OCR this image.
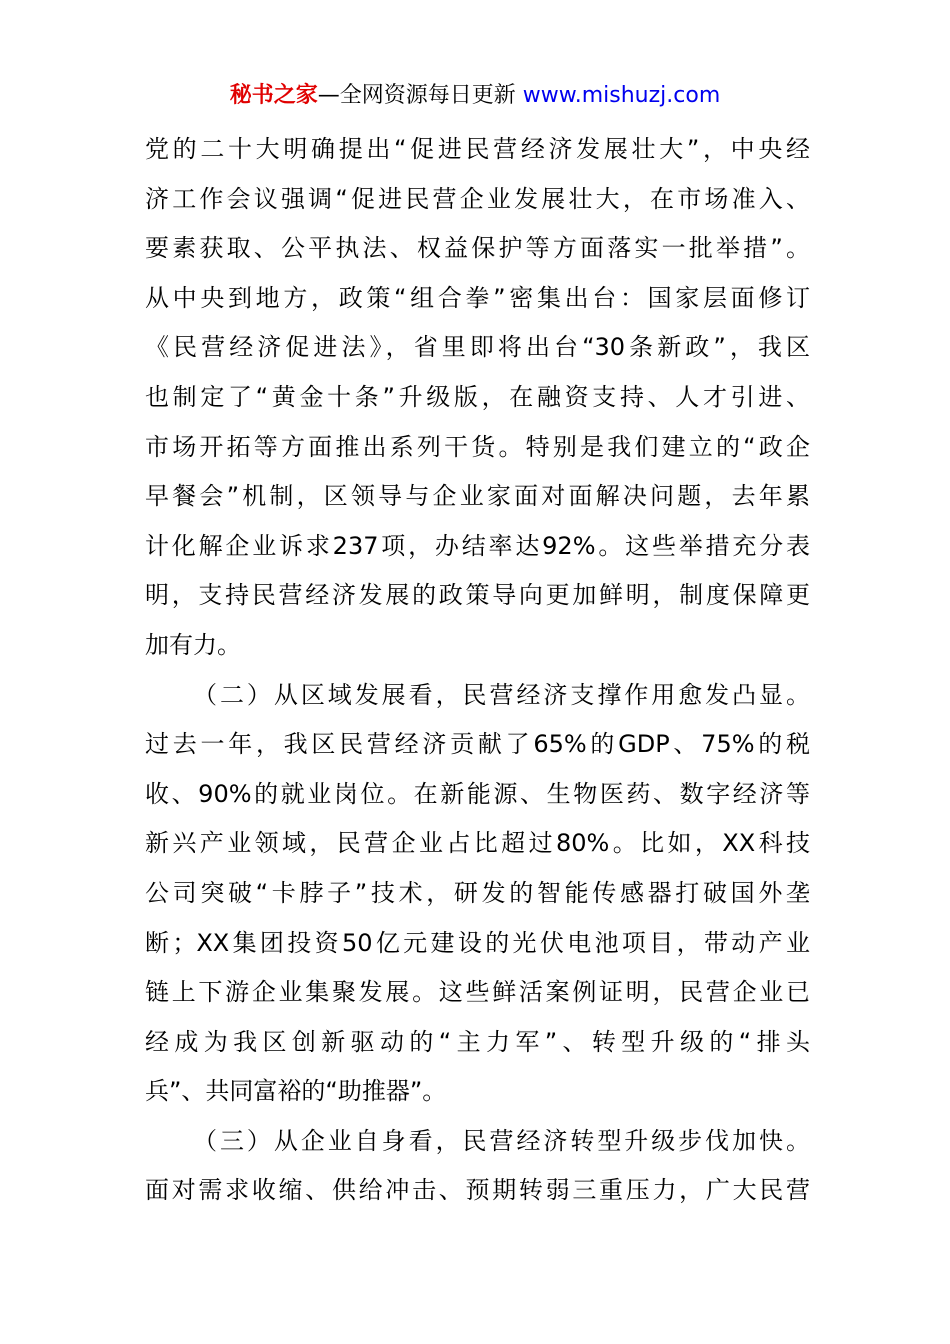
秘书之家—全网资源每日更新 www.mishuzj.com
党的二十大明确提出“促进民营经济发展壮大”，中央经
济工作会议强调“促进民营企业发展壮大，在市场准入、
要素获取、公平执法、权益保护等方面落实一批举措”。
从中央到地方，政策“组合拳”密集出台：国家层面修订
《民营经济促进法》，省里即将出台“30条新政”，我区
也制定了“黄金十条”升级版，在融资支持、人才引进、
市场开拓等方面推出系列干货。特别是我们建立的“政企
早餐会”机制，区领导与企业家面对面解决问题，去年累
计化解企业诉求237项，办结率达92%。这些举措充分表
明，支持民营经济发展的政策导向更加鲜明，制度保障更
加有力。
（二）从区域发展看，民营经济支撑作用愈发凸显。
过去一年，我区民营经济贡献了65%的GDP、75%的税
收、90%的就业岗位。在新能源、生物医药、数字经济等
新兴产业领域，民营企业占比超过80%。比如，XX科技
公司突破“卡脖子”技术，研发的智能传感器打破国外垄
断；XX集团投资50亿元建设的光伏电池项目，带动产业
链上下游企业集聚发展。这些鲜活案例证明，民营企业已
经成为我区创新驱动的“主力军”、转型升级的“排头
兵”、共同富裕的“助推器”。
（三）从企业自身看，民营经济转型升级步伐加快。
面对需求收缩、供给冲击、预期转弱三重压力，广大民营
